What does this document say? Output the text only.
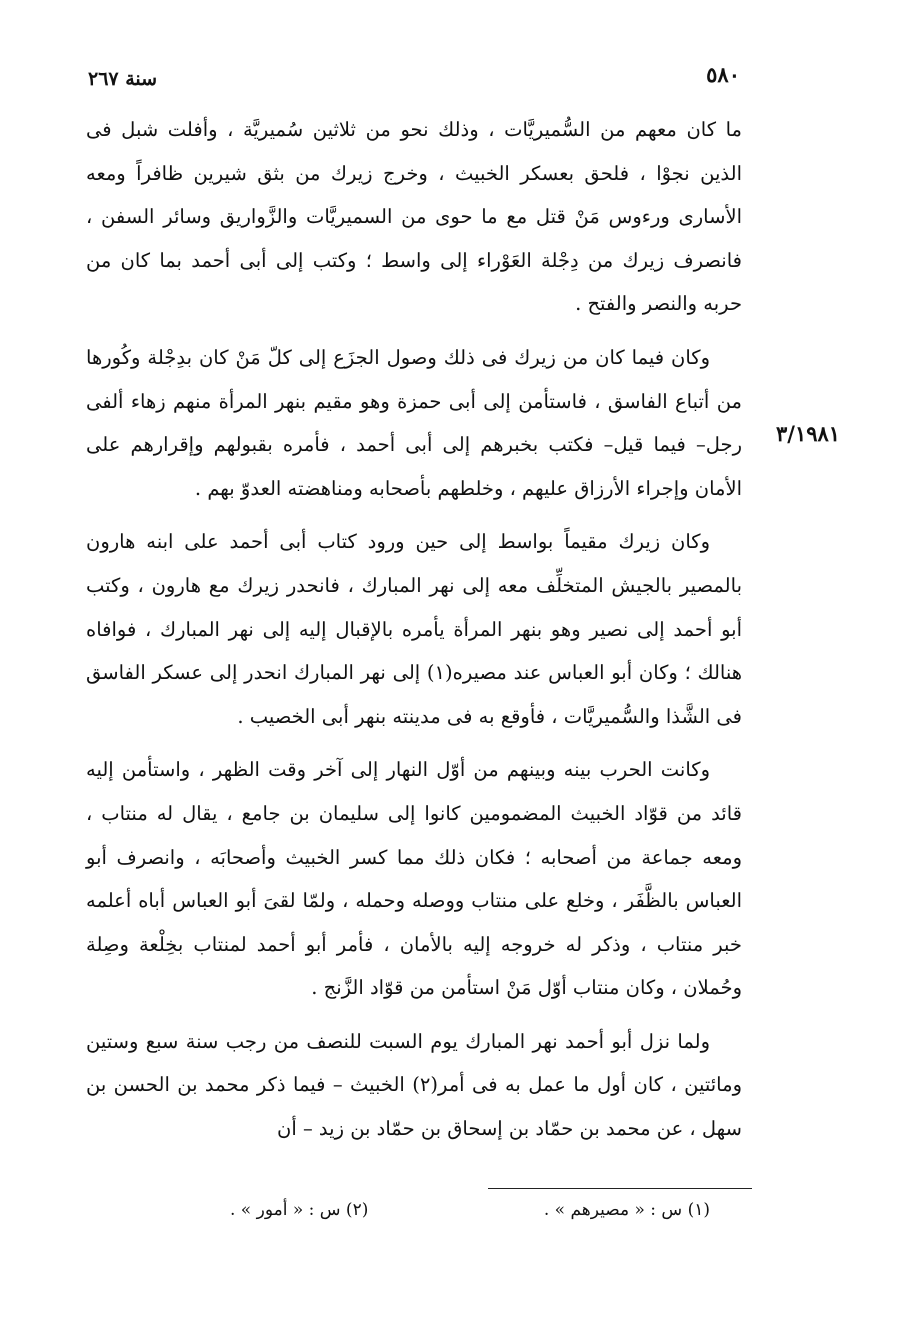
٥٨٠
سنة ٢٦٧
٣/١٩٨١

ما كان معهم من السُّميريَّات ، وذلك نحو من ثلاثين سُميريَّة ، وأفلت شبل فى الذين نجوْا ، فلحق بعسكر الخبيث ، وخرج زيرك من بثق شيرين ظافراً ومعه الأسارى ورءوس مَنْ قتل مع ما حوى من السميريَّات والزَّواريق وسائر السفن ، فانصرف زيرك من دِجْلة العَوْراء إلى واسط ؛ وكتب إلى أبى أحمد بما كان من حربه والنصر والفتح .

وكان فيما كان من زيرك فى ذلك وصول الجزَع إلى كلّ مَنْ كان بدِجْلة وكُورها من أتباع الفاسق ، فاستأمن إلى أبى حمزة وهو مقيم بنهر المرأة منهم زهاء ألفى رجل– فيما قيل– فكتب بخبرهم إلى أبى أحمد ، فأمره بقبولهم وإقرارهم على الأمان وإجراء الأرزاق عليهم ، وخلطهم بأصحابه ومناهضته العدوّ بهم .

وكان زيرك مقيماً بواسط إلى حين ورود كتاب أبى أحمد على ابنه هارون بالمصير بالجيش المتخلِّف معه إلى نهر المبارك ، فانحدر زيرك مع هارون ، وكتب أبو أحمد إلى نصير وهو بنهر المرأة يأمره بالإقبال إليه إلى نهر المبارك ، فوافاه هنالك ؛ وكان أبو العباس عند مصيره(١) إلى نهر المبارك انحدر إلى عسكر الفاسق فى الشَّذا والسُّميريَّات ، فأوقع به فى مدينته بنهر أبى الخصيب .

وكانت الحرب بينه وبينهم من أوّل النهار إلى آخر وقت الظهر ، واستأمن إليه قائد من قوّاد الخبيث المضمومين كانوا إلى سليمان بن جامع ، يقال له منتاب ، ومعه جماعة من أصحابه ؛ فكان ذلك مما كسر الخبيث وأصحابَه ، وانصرف أبو العباس بالظَّفَر ، وخلع على منتاب ووصله وحمله ، ولمّا لقىَ أبو العباس أباه أعلمه خبر منتاب ، وذكر له خروجه إليه بالأمان ، فأمر أبو أحمد لمنتاب بخِلْعة وصِلة وحُملان ، وكان منتاب أوّل مَنْ استأمن من قوّاد الزَّنج .

ولما نزل أبو أحمد نهر المبارك يوم السبت للنصف من رجب سنة سبع وستين ومائتين ، كان أول ما عمل به فى أمر(٢) الخبيث – فيما ذكر محمد بن الحسن بن سهل ، عن محمد بن حمّاد بن إسحاق بن حمّاد بن زيد – أن

(١) س : « مصيرهم » .
(٢) س : « أمور » .
